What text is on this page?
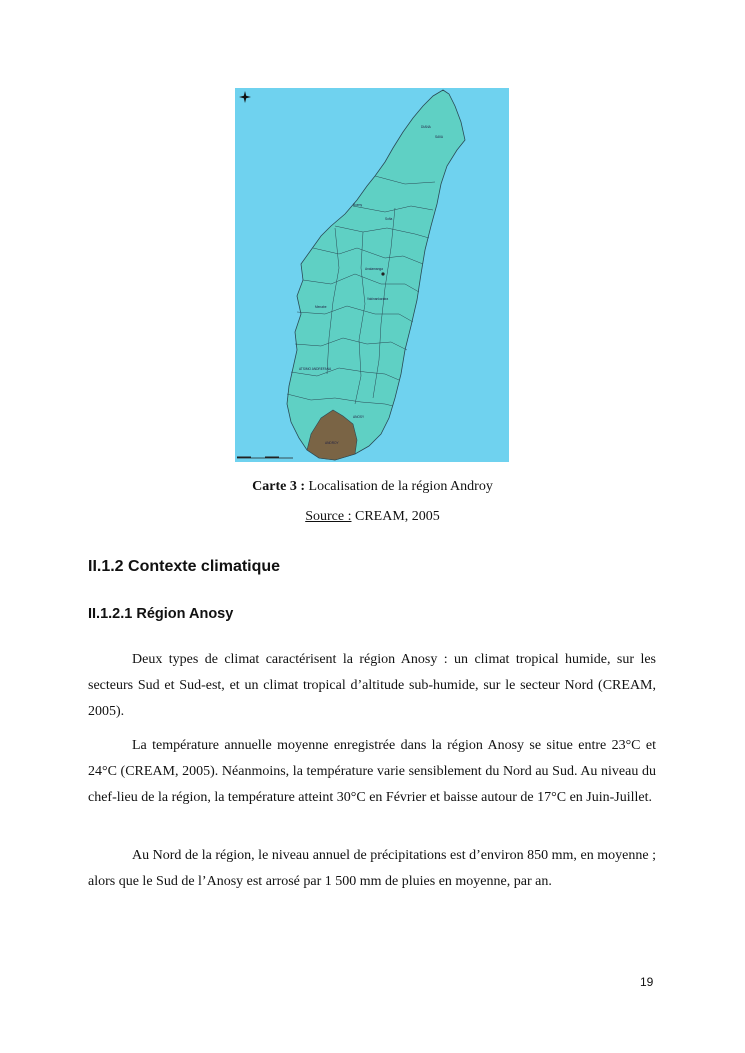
SAVA
DIANA
Boeny
Sofia
Analamanga
Vakinankaratra
Menabe
ATSIMO ANDREFANA
ANOSY
ANDROY
Carte 3 : Localisation de la région Androy
Source : CREAM, 2005
II.1.2 Contexte climatique
II.1.2.1 Région Anosy

Deux types de climat caractérisent la région Anosy : un climat tropical humide, sur les secteurs Sud et Sud-est, et un climat tropical d’altitude sub-humide, sur le secteur Nord (CREAM, 2005).

La température annuelle moyenne enregistrée dans la région Anosy se situe entre 23°C et 24°C (CREAM, 2005). Néanmoins, la température varie sensiblement du Nord au Sud. Au niveau du chef-lieu de la région, la température atteint 30°C en Février et baisse autour de 17°C en Juin-Juillet.

Au Nord de la région, le niveau annuel de précipitations est d’environ 850 mm, en moyenne ; alors que le Sud de l’Anosy est arrosé par 1 500 mm de pluies en moyenne, par an.

19
